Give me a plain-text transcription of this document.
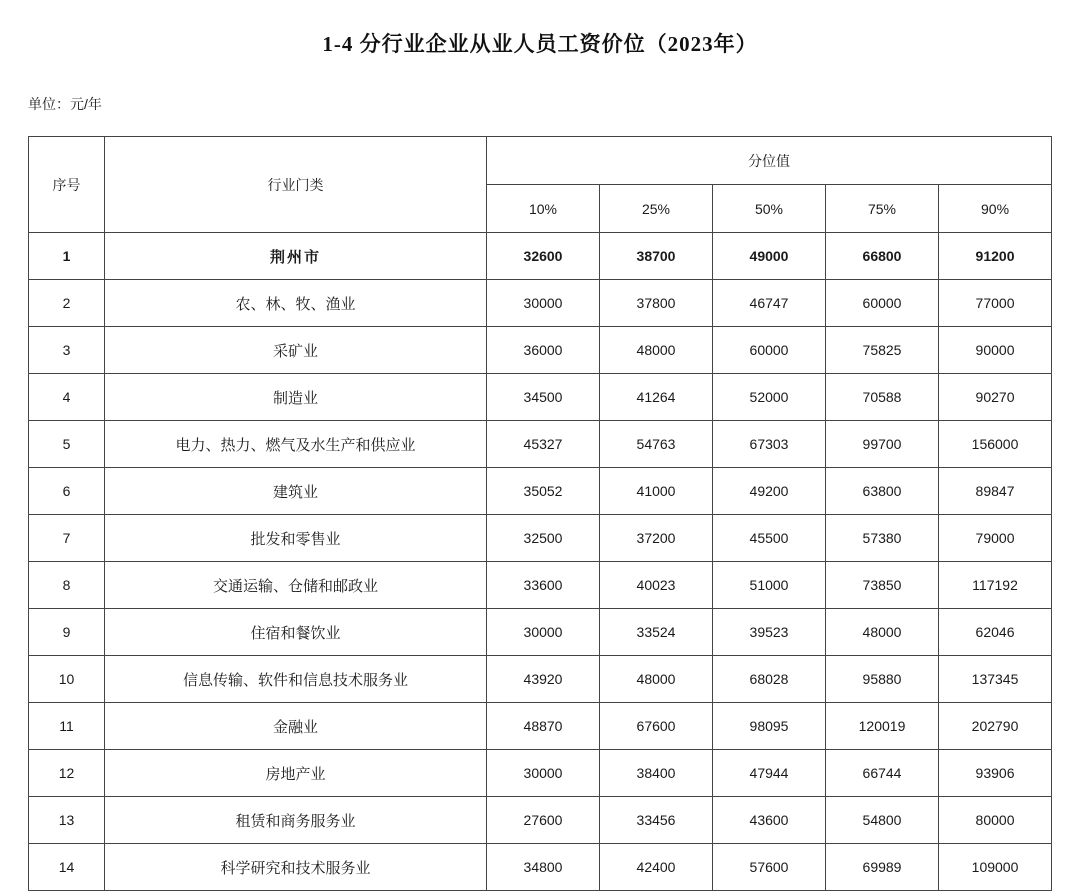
1-4 分行业企业从业人员工资价位（2023年）

单位：元/年

序号	行业门类	分位值				
		10%	25%	50%	75%	90%
1	荆州市	32600	38700	49000	66800	91200
2	农、林、牧、渔业	30000	37800	46747	60000	77000
3	采矿业	36000	48000	60000	75825	90000
4	制造业	34500	41264	52000	70588	90270
5	电力、热力、燃气及水生产和供应业	45327	54763	67303	99700	156000
6	建筑业	35052	41000	49200	63800	89847
7	批发和零售业	32500	37200	45500	57380	79000
8	交通运输、仓储和邮政业	33600	40023	51000	73850	117192
9	住宿和餐饮业	30000	33524	39523	48000	62046
10	信息传输、软件和信息技术服务业	43920	48000	68028	95880	137345
11	金融业	48870	67600	98095	120019	202790
12	房地产业	30000	38400	47944	66744	93906
13	租赁和商务服务业	27600	33456	43600	54800	80000
14	科学研究和技术服务业	34800	42400	57600	69989	109000
